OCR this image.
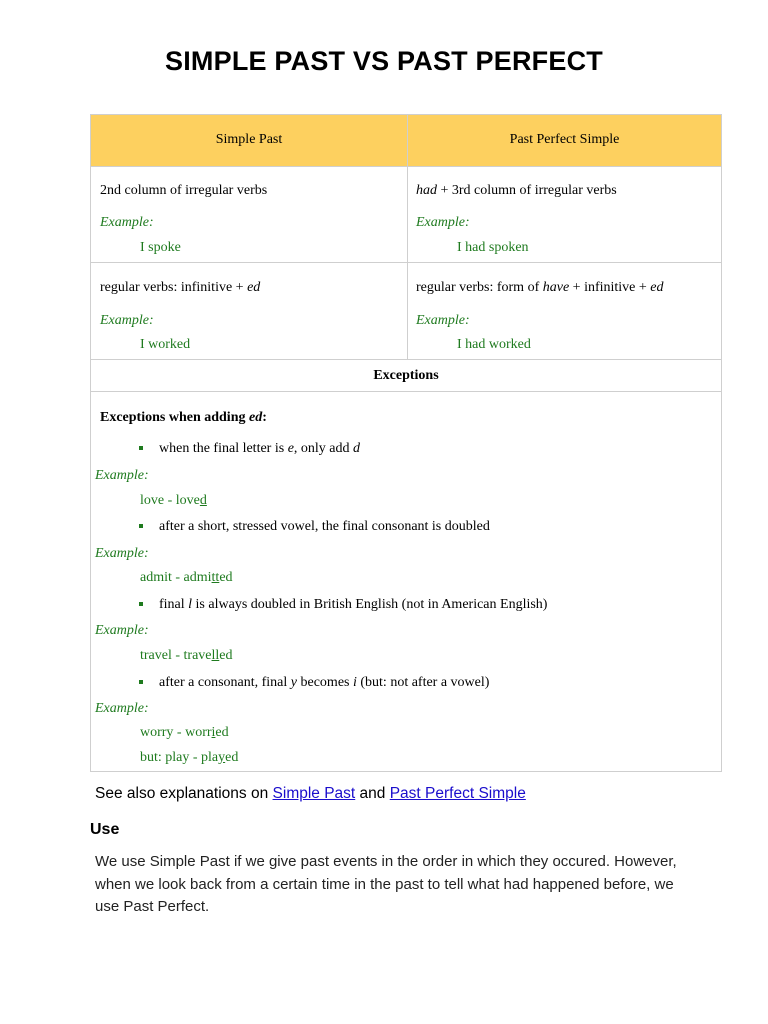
SIMPLE PAST VS PAST PERFECT
Simple Past	Past Perfect Simple
2nd column of irregular verbs
Example:
I spoke
had + 3rd column of irregular verbs
Example:
I had spoken
regular verbs: infinitive + ed
Example:
I worked
regular verbs: form of have + infinitive + ed
Example:
I had worked
Exceptions
Exceptions when adding ed:
when the final letter is e, only add d
Example:
love - loved
after a short, stressed vowel, the final consonant is doubled
Example:
admit - admitted
final l is always doubled in British English (not in American English)
Example:
travel - travelled
after a consonant, final y becomes i (but: not after a vowel)
Example:
worry - worried
but: play - played
See also explanations on Simple Past and Past Perfect Simple
Use
We use Simple Past if we give past events in the order in which they occured. However, when we look back from a certain time in the past to tell what had happened before, we use Past Perfect.
